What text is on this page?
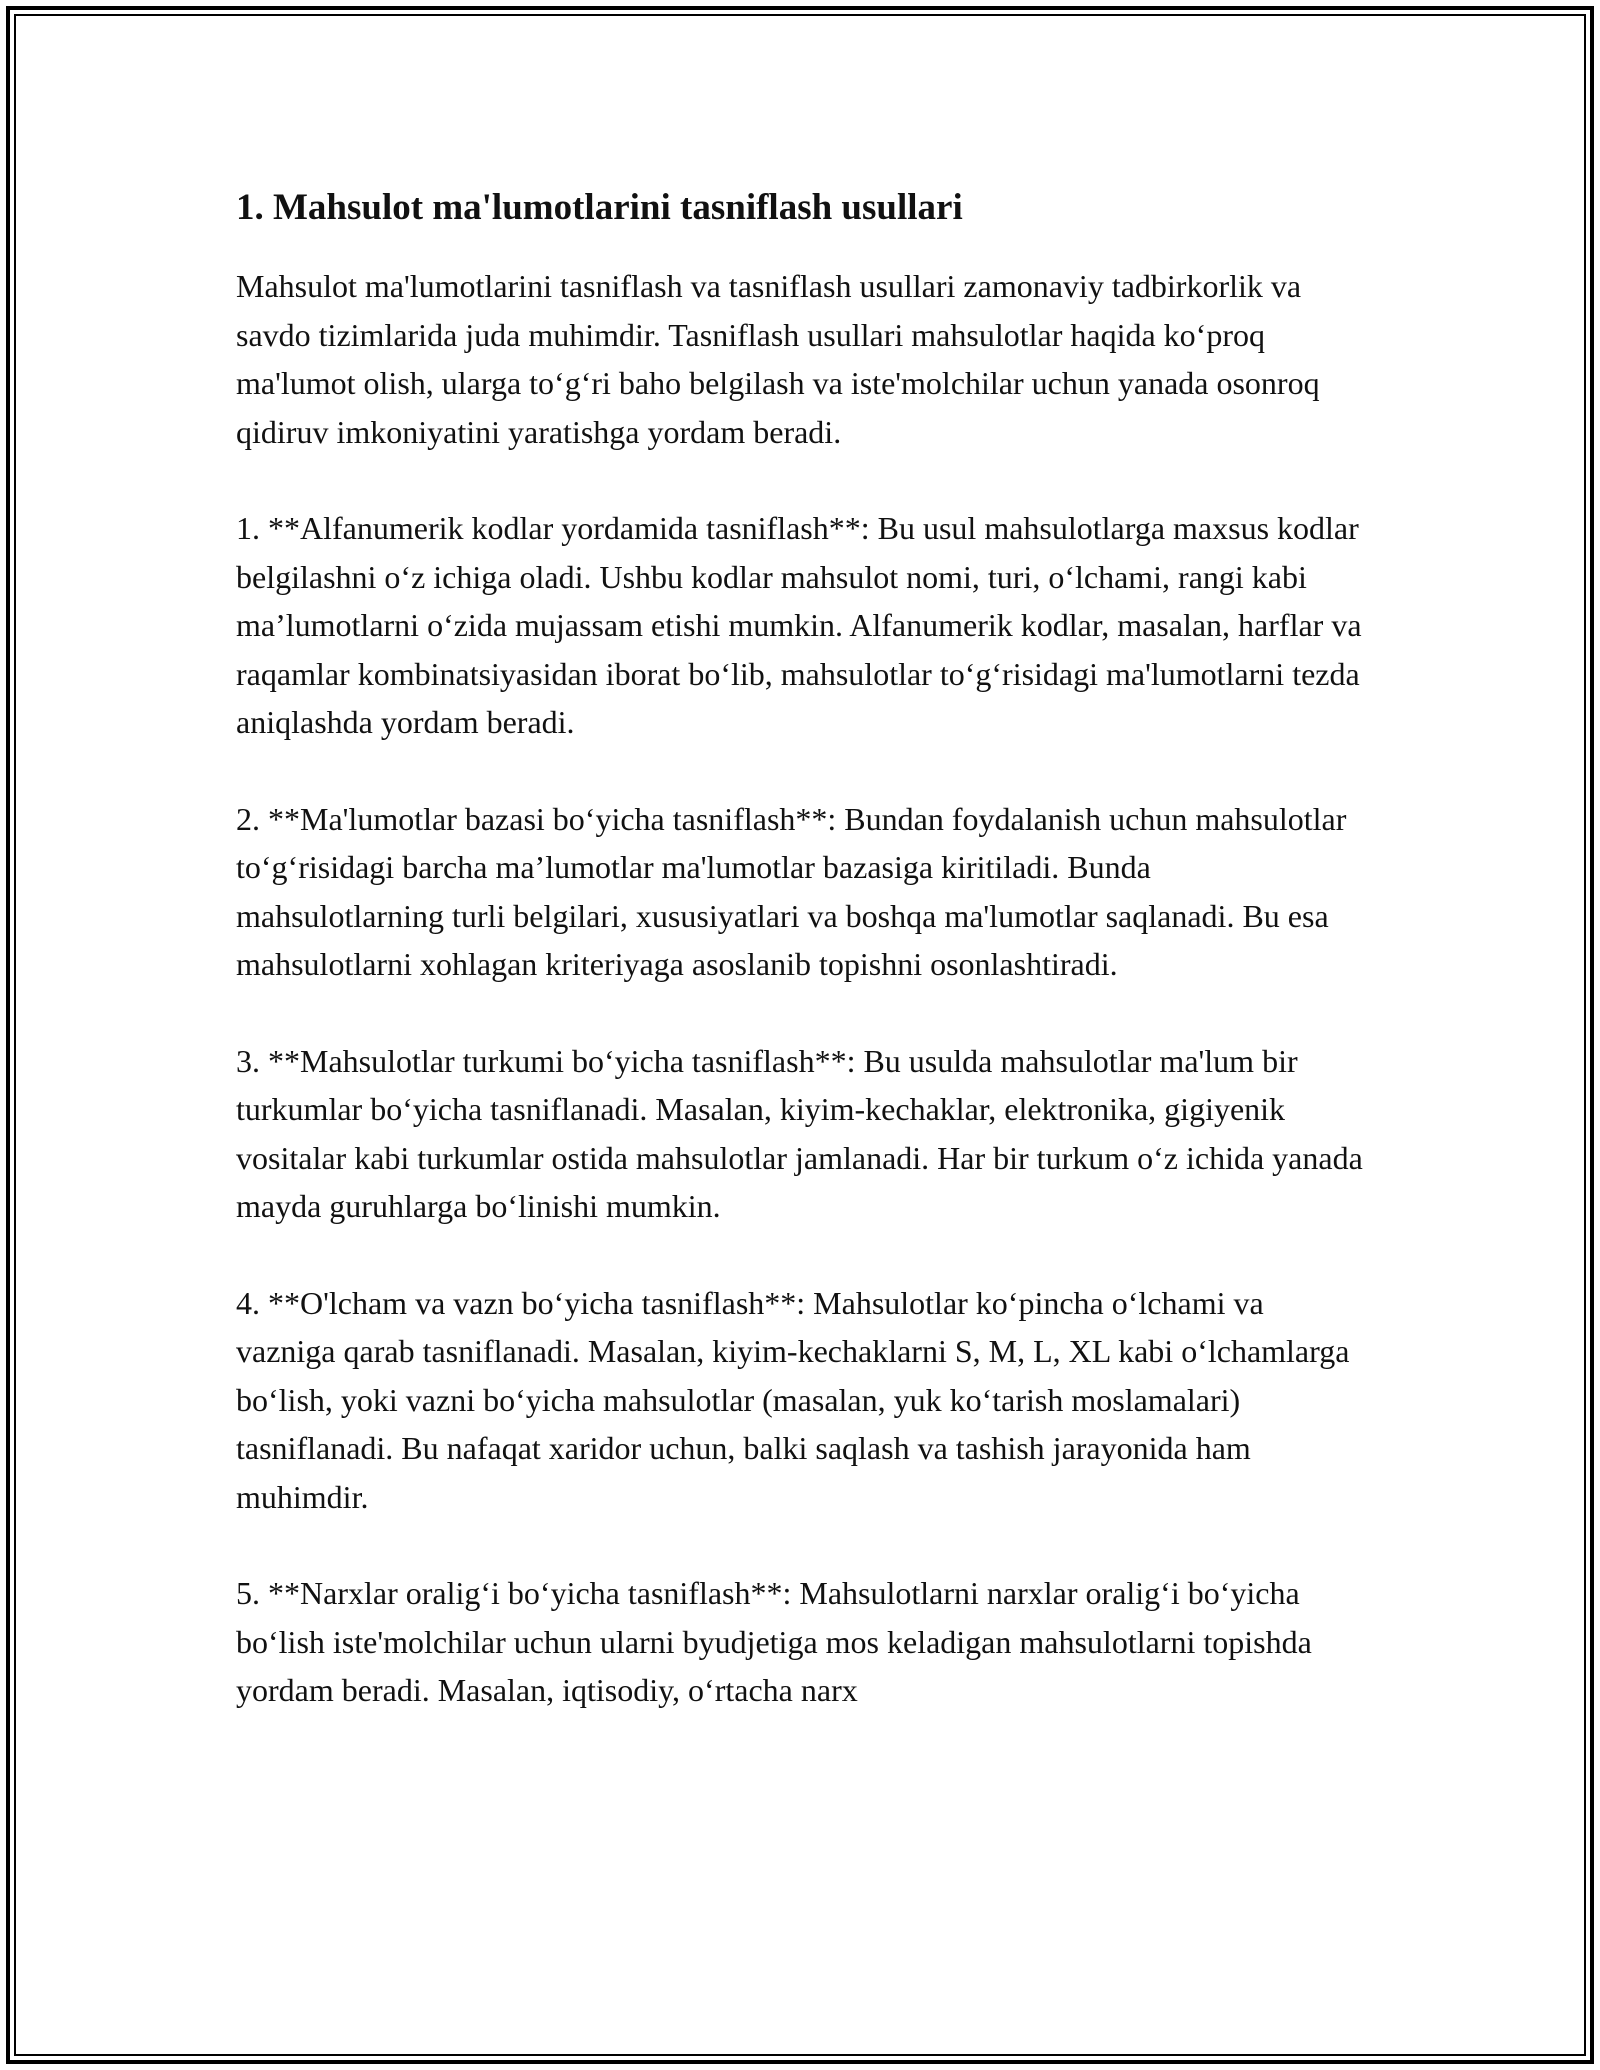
1. Mahsulot ma'lumotlarini tasniflash usullari

Mahsulot ma'lumotlarini tasniflash va tasniflash usullari zamonaviy tadbirkorlik va savdo tizimlarida juda muhimdir. Tasniflash usullari mahsulotlar haqida ko‘proq ma'lumot olish, ularga to‘g‘ri baho belgilash va iste'molchilar uchun yanada osonroq qidiruv imkoniyatini yaratishga yordam beradi.

1. **Alfanumerik kodlar yordamida tasniflash**: Bu usul mahsulotlarga maxsus kodlar belgilashni o‘z ichiga oladi. Ushbu kodlar mahsulot nomi, turi, o‘lchami, rangi kabi ma’lumotlarni o‘zida mujassam etishi mumkin. Alfanumerik kodlar, masalan, harflar va raqamlar kombinatsiyasidan iborat bo‘lib, mahsulotlar to‘g‘risidagi ma'lumotlarni tezda aniqlashda yordam beradi.

2. **Ma'lumotlar bazasi bo‘yicha tasniflash**: Bundan foydalanish uchun mahsulotlar to‘g‘risidagi barcha ma’lumotlar ma'lumotlar bazasiga kiritiladi. Bunda mahsulotlarning turli belgilari, xususiyatlari va boshqa ma'lumotlar saqlanadi. Bu esa mahsulotlarni xohlagan kriteriyaga asoslanib topishni osonlashtiradi.

3. **Mahsulotlar turkumi bo‘yicha tasniflash**: Bu usulda mahsulotlar ma'lum bir turkumlar bo‘yicha tasniflanadi. Masalan, kiyim-kechaklar, elektronika, gigiyenik vositalar kabi turkumlar ostida mahsulotlar jamlanadi. Har bir turkum o‘z ichida yanada mayda guruhlarga bo‘linishi mumkin.

4. **O'lcham va vazn bo‘yicha tasniflash**: Mahsulotlar ko‘pincha o‘lchami va vazniga qarab tasniflanadi. Masalan, kiyim-kechaklarni S, M, L, XL kabi o‘lchamlarga bo‘lish, yoki vazni bo‘yicha mahsulotlar (masalan, yuk ko‘tarish moslamalari) tasniflanadi. Bu nafaqat xaridor uchun, balki saqlash va tashish jarayonida ham muhimdir.

5. **Narxlar oralig‘i bo‘yicha tasniflash**: Mahsulotlarni narxlar oralig‘i bo‘yicha bo‘lish iste'molchilar uchun ularni byudjetiga mos keladigan mahsulotlarni topishda yordam beradi. Masalan, iqtisodiy, o‘rtacha narx
